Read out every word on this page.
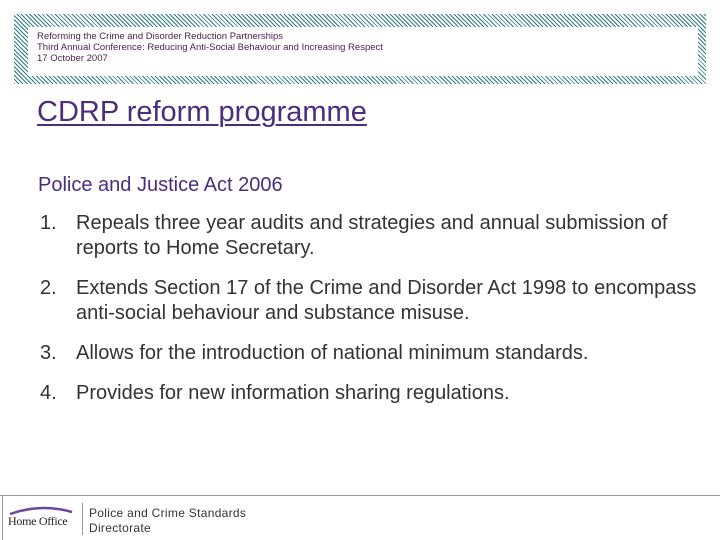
Reforming the Crime and Disorder Reduction Partnerships
Third Annual Conference: Reducing Anti-Social Behaviour and Increasing Respect
17 October 2007
CDRP reform programme
Police and Justice Act 2006
1. Repeals three year audits and strategies and annual submission of reports to Home Secretary.
2. Extends Section 17 of the Crime and Disorder Act 1998 to encompass anti-social behaviour and substance misuse.
3. Allows for the introduction of national minimum standards.
4. Provides for new information sharing regulations.
Home Office
Police and Crime Standards
Directorate
